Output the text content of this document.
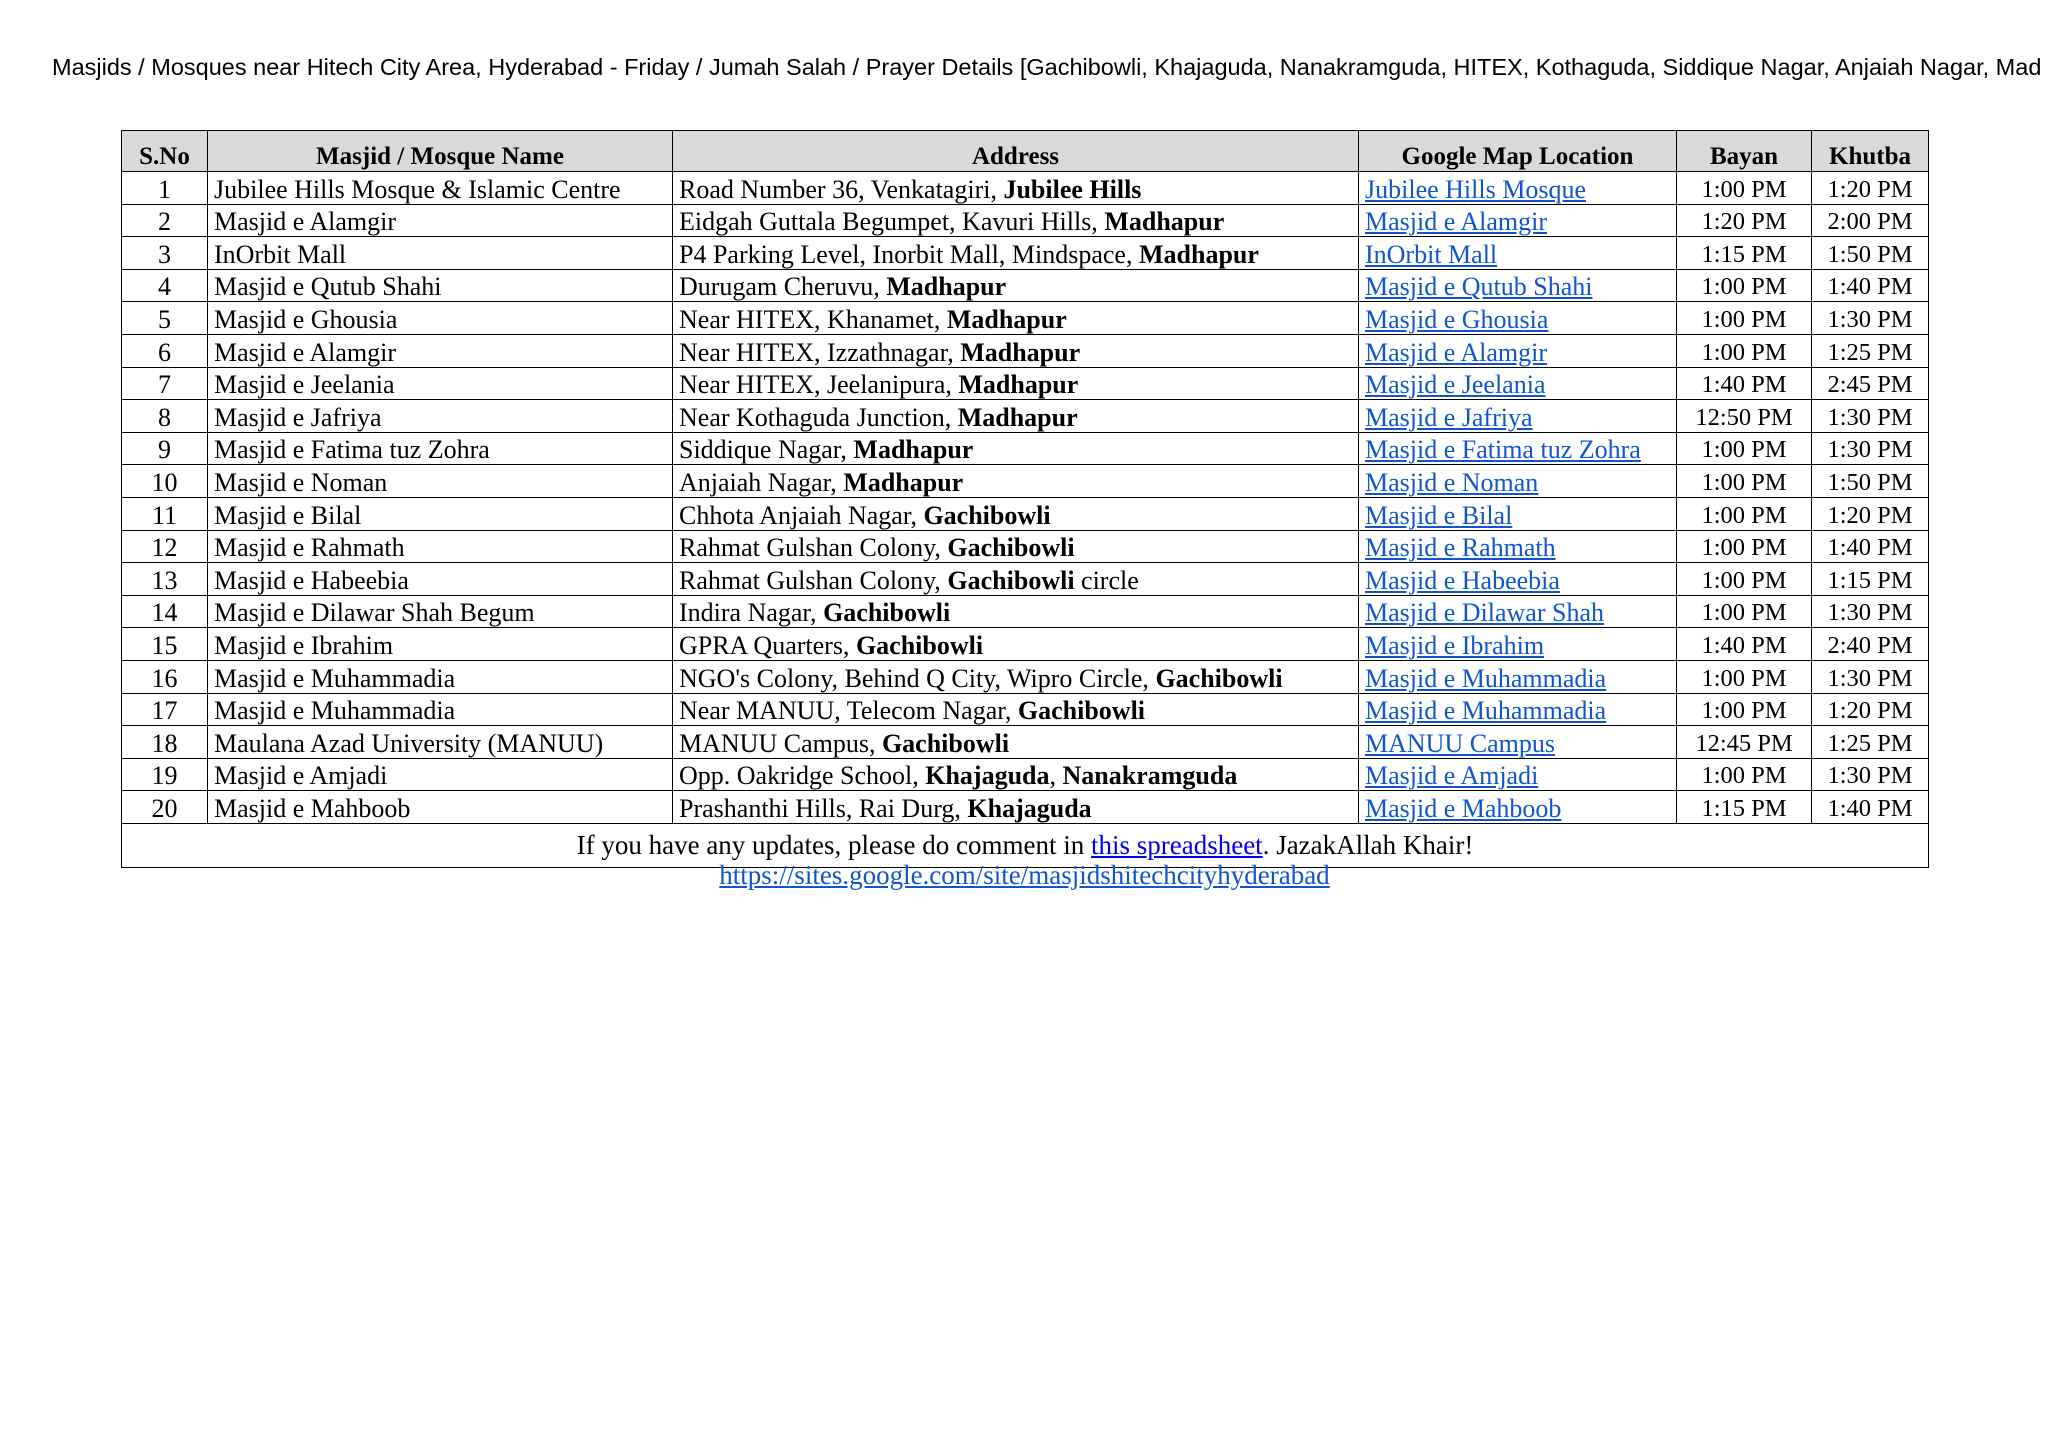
Masjids / Mosques near Hitech City Area, Hyderabad - Friday / Jumah Salah / Prayer Details [Gachibowli, Khajaguda, Nanakramguda, HITEX, Kothaguda, Siddique Nagar, Anjaiah Nagar, Mad
S.No	Masjid / Mosque Name	Address	Google Map Location	Bayan	Khutba
1	Jubilee Hills Mosque & Islamic Centre	Road Number 36, Venkatagiri, Jubilee Hills	Jubilee Hills Mosque	1:00 PM	1:20 PM
2	Masjid e Alamgir	Eidgah Guttala Begumpet, Kavuri Hills, Madhapur	Masjid e Alamgir	1:20 PM	2:00 PM
3	InOrbit Mall	P4 Parking Level, Inorbit Mall, Mindspace, Madhapur	InOrbit Mall	1:15 PM	1:50 PM
4	Masjid e Qutub Shahi	Durugam Cheruvu, Madhapur	Masjid e Qutub Shahi	1:00 PM	1:40 PM
5	Masjid e Ghousia	Near HITEX, Khanamet, Madhapur	Masjid e Ghousia	1:00 PM	1:30 PM
6	Masjid e Alamgir	Near HITEX, Izzathnagar, Madhapur	Masjid e Alamgir	1:00 PM	1:25 PM
7	Masjid e Jeelania	Near HITEX, Jeelanipura, Madhapur	Masjid e Jeelania	1:40 PM	2:45 PM
8	Masjid e Jafriya	Near Kothaguda Junction, Madhapur	Masjid e Jafriya	12:50 PM	1:30 PM
9	Masjid e Fatima tuz Zohra	Siddique Nagar, Madhapur	Masjid e Fatima tuz Zohra	1:00 PM	1:30 PM
10	Masjid e Noman	Anjaiah Nagar, Madhapur	Masjid e Noman	1:00 PM	1:50 PM
11	Masjid e Bilal	Chhota Anjaiah Nagar, Gachibowli	Masjid e Bilal	1:00 PM	1:20 PM
12	Masjid e Rahmath	Rahmat Gulshan Colony, Gachibowli	Masjid e Rahmath	1:00 PM	1:40 PM
13	Masjid e Habeebia	Rahmat Gulshan Colony, Gachibowli circle	Masjid e Habeebia	1:00 PM	1:15 PM
14	Masjid e Dilawar Shah Begum	Indira Nagar, Gachibowli	Masjid e Dilawar Shah	1:00 PM	1:30 PM
15	Masjid e Ibrahim	GPRA Quarters, Gachibowli	Masjid e Ibrahim	1:40 PM	2:40 PM
16	Masjid e Muhammadia	NGO's Colony, Behind Q City, Wipro Circle, Gachibowli	Masjid e Muhammadia	1:00 PM	1:30 PM
17	Masjid e Muhammadia	Near MANUU, Telecom Nagar, Gachibowli	Masjid e Muhammadia	1:00 PM	1:20 PM
18	Maulana Azad University (MANUU)	MANUU Campus, Gachibowli	MANUU Campus	12:45 PM	1:25 PM
19	Masjid e Amjadi	Opp. Oakridge School, Khajaguda, Nanakramguda	Masjid e Amjadi	1:00 PM	1:30 PM
20	Masjid e Mahboob	Prashanthi Hills, Rai Durg, Khajaguda	Masjid e Mahboob	1:15 PM	1:40 PM
If you have any updates, please do comment in this spreadsheet. JazakAllah Khair!					
https://sites.google.com/site/masjidshitechcityhyderabad
